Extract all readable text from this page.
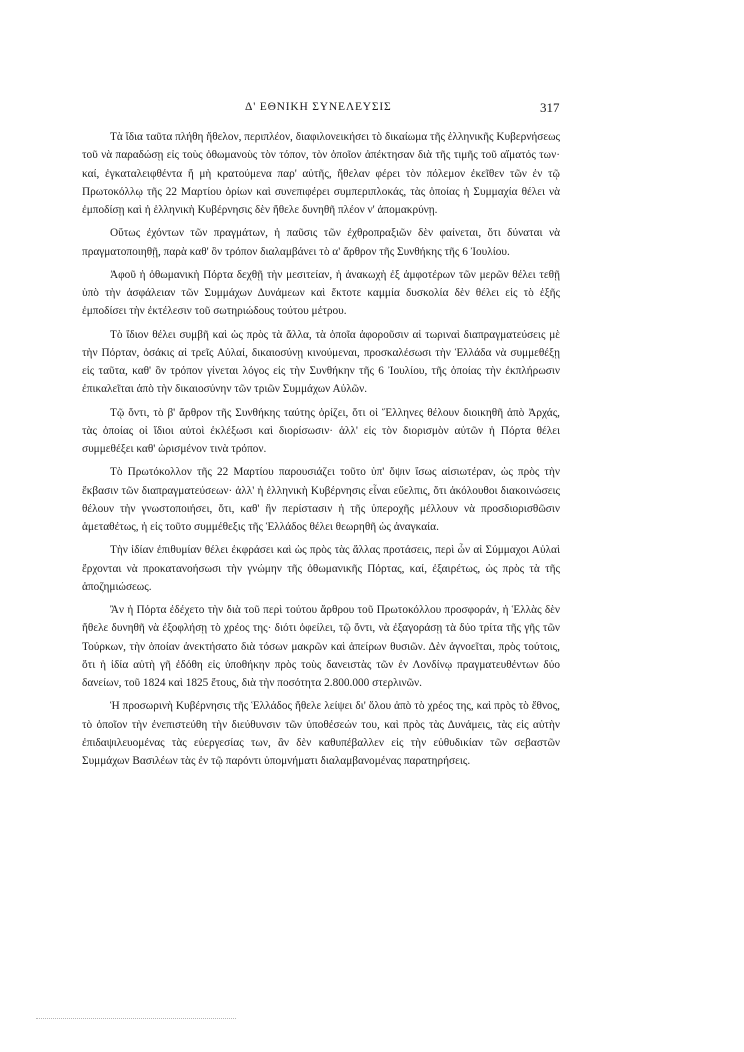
Δ' ΕΘΝΙΚΗ ΣΥΝΕΛΕΥΣΙΣ	317

Τὰ ἴδια ταῦτα πλήθη ἤθελον, περιπλέον, διαφιλονεικήσει τὸ δικαίωμα τῆς ἑλληνικῆς Κυβερνήσεως τοῦ νὰ παραδώσῃ εἰς τοὺς ὀθωμανοὺς τὸν τόπον, τὸν ὁποῖον ἀπέκτησαν διὰ τῆς τιμῆς τοῦ αἵματός των· καί, ἐγκαταλειφθέντα ἤ μὴ κρατούμενα παρ' αὐτῆς, ἤθελαν φέρει τὸν πόλεμον ἐκεῖθεν τῶν ἐν τῷ Πρωτοκόλλῳ τῆς 22 Μαρτίου ὁρίων καὶ συνεπιφέρει συμπεριπλοκάς, τὰς ὁποίας ἡ Συμμαχία θέλει νὰ ἐμποδίσῃ καὶ ἡ ἑλληνικὴ Κυβέρνησις δὲν ἤθελε δυνηθῆ πλέον ν' ἀπομακρύνῃ.

Οὕτως ἐχόντων τῶν πραγμάτων, ἡ παῦσις τῶν ἐχθροπραξιῶν δὲν φαίνεται, ὅτι δύναται νὰ πραγματοποιηθῇ, παρὰ καθ' ὃν τρόπον διαλαμβάνει τὸ α' ἄρθρον τῆς Συνθήκης τῆς 6 Ἰουλίου.

Ἀφοῦ ἡ ὀθωμανικὴ Πόρτα δεχθῇ τὴν μεσιτείαν, ἡ ἀνακωχὴ ἐξ ἀμφοτέρων τῶν μερῶν θέλει τεθῇ ὑπὸ τὴν ἀσφάλειαν τῶν Συμμάχων Δυνάμεων καὶ ἔκτοτε καμμία δυσκολία δὲν θέλει εἰς τὸ ἑξῆς ἐμποδίσει τὴν ἐκτέλεσιν τοῦ σωτηριώδους τούτου μέτρου.

Τὸ ἴδιον θέλει συμβῆ καὶ ὡς πρὸς τὰ ἄλλα, τὰ ὁποῖα ἀφοροῦσιν αἱ τωριναὶ διαπραγματεύσεις μὲ τὴν Πόρταν, ὁσάκις αἱ τρεῖς Αὐλαί, δικαιοσύνῃ κινούμεναι, προσκαλέσωσι τὴν Ἑλλάδα νὰ συμμεθέξῃ εἰς ταῦτα, καθ' ὃν τρόπον γίνεται λόγος εἰς τὴν Συνθήκην τῆς 6 Ἰουλίου, τῆς ὁποίας τὴν ἐκπλήρωσιν ἐπικαλεῖται ἀπὸ τὴν δικαιοσύνην τῶν τριῶν Συμμάχων Αὐλῶν.

Τῷ ὄντι, τὸ β' ἄρθρον τῆς Συνθήκης ταύτης ὁρίζει, ὅτι οἱ Ἕλληνες θέλουν διοικηθῆ ἀπὸ Ἀρχάς, τὰς ὁποίας οἱ ἴδιοι αὐτοὶ ἐκλέξωσι καὶ διορίσωσιν· ἀλλ' εἰς τὸν διορισμὸν αὐτῶν ἡ Πόρτα θέλει συμμεθέξει καθ' ὡρισμένον τινὰ τρόπον.

Τὸ Πρωτόκολλον τῆς 22 Μαρτίου παρουσιάζει τοῦτο ὑπ' ὄψιν ἴσως αἰσιωτέραν, ὡς πρὸς τὴν ἔκβασιν τῶν διαπραγματεύσεων· ἀλλ' ἡ ἑλληνικὴ Κυβέρνησις εἶναι εὔελπις, ὅτι ἀκόλουθοι διακοινώσεις θέλουν τὴν γνωστοποιήσει, ὅτι, καθ' ἣν περίστασιν ἡ τῆς ὑπεροχῆς μέλλουν νὰ προσδιορισθῶσιν ἀμεταθέτως, ἡ εἰς τοῦτο συμμέθεξις τῆς Ἑλλάδος θέλει θεωρηθῆ ὡς ἀναγκαία.

Τὴν ἰδίαν ἐπιθυμίαν θέλει ἐκφράσει καὶ ὡς πρὸς τὰς ἄλλας προτάσεις, περὶ ὧν αἱ Σύμμαχοι Αὐλαὶ ἔρχονται νὰ προκατανοήσωσι τὴν γνώμην τῆς ὀθωμανικῆς Πόρτας, καί, ἐξαιρέτως, ὡς πρὸς τὰ τῆς ἀποζημιώσεως.

Ἂν ἡ Πόρτα ἐδέχετο τὴν διὰ τοῦ περὶ τούτου ἄρθρου τοῦ Πρωτοκόλλου προσφοράν, ἡ Ἑλλὰς δὲν ἤθελε δυνηθῆ νὰ ἐξοφλήσῃ τὸ χρέος της· διότι ὀφείλει, τῷ ὄντι, νὰ ἐξαγοράσῃ τὰ δύο τρίτα τῆς γῆς τῶν Τούρκων, τὴν ὁποίαν ἀνεκτήσατο διὰ τόσων μακρῶν καὶ ἀπείρων θυσιῶν. Δὲν ἀγνοεῖται, πρὸς τούτοις, ὅτι ἡ ἰδία αὐτὴ γῆ ἐδόθη εἰς ὑποθήκην πρὸς τοὺς δανειστὰς τῶν ἐν Λονδίνῳ πραγματευθέντων δύο δανείων, τοῦ 1824 καὶ 1825 ἔτους, διὰ τὴν ποσότητα 2.800.000 στερλινῶν.

Ἡ προσωρινὴ Κυβέρνησις τῆς Ἑλλάδος ἤθελε λείψει δι' ὅλου ἀπὸ τὸ χρέος της, καὶ πρὸς τὸ ἔθνος, τὸ ὁποῖον τὴν ἐνεπιστεύθη τὴν διεύθυνσιν τῶν ὑποθέσεών του, καὶ πρὸς τὰς Δυνάμεις, τὰς εἰς αὐτὴν ἐπιδαψιλευομένας τὰς εὐεργεσίας των, ἂν δὲν καθυπέβαλλεν εἰς τὴν εὐθυδικίαν τῶν σεβαστῶν Συμμάχων Βασιλέων τὰς ἐν τῷ παρόντι ὑπομνήματι διαλαμβανομένας παρατηρήσεις.
